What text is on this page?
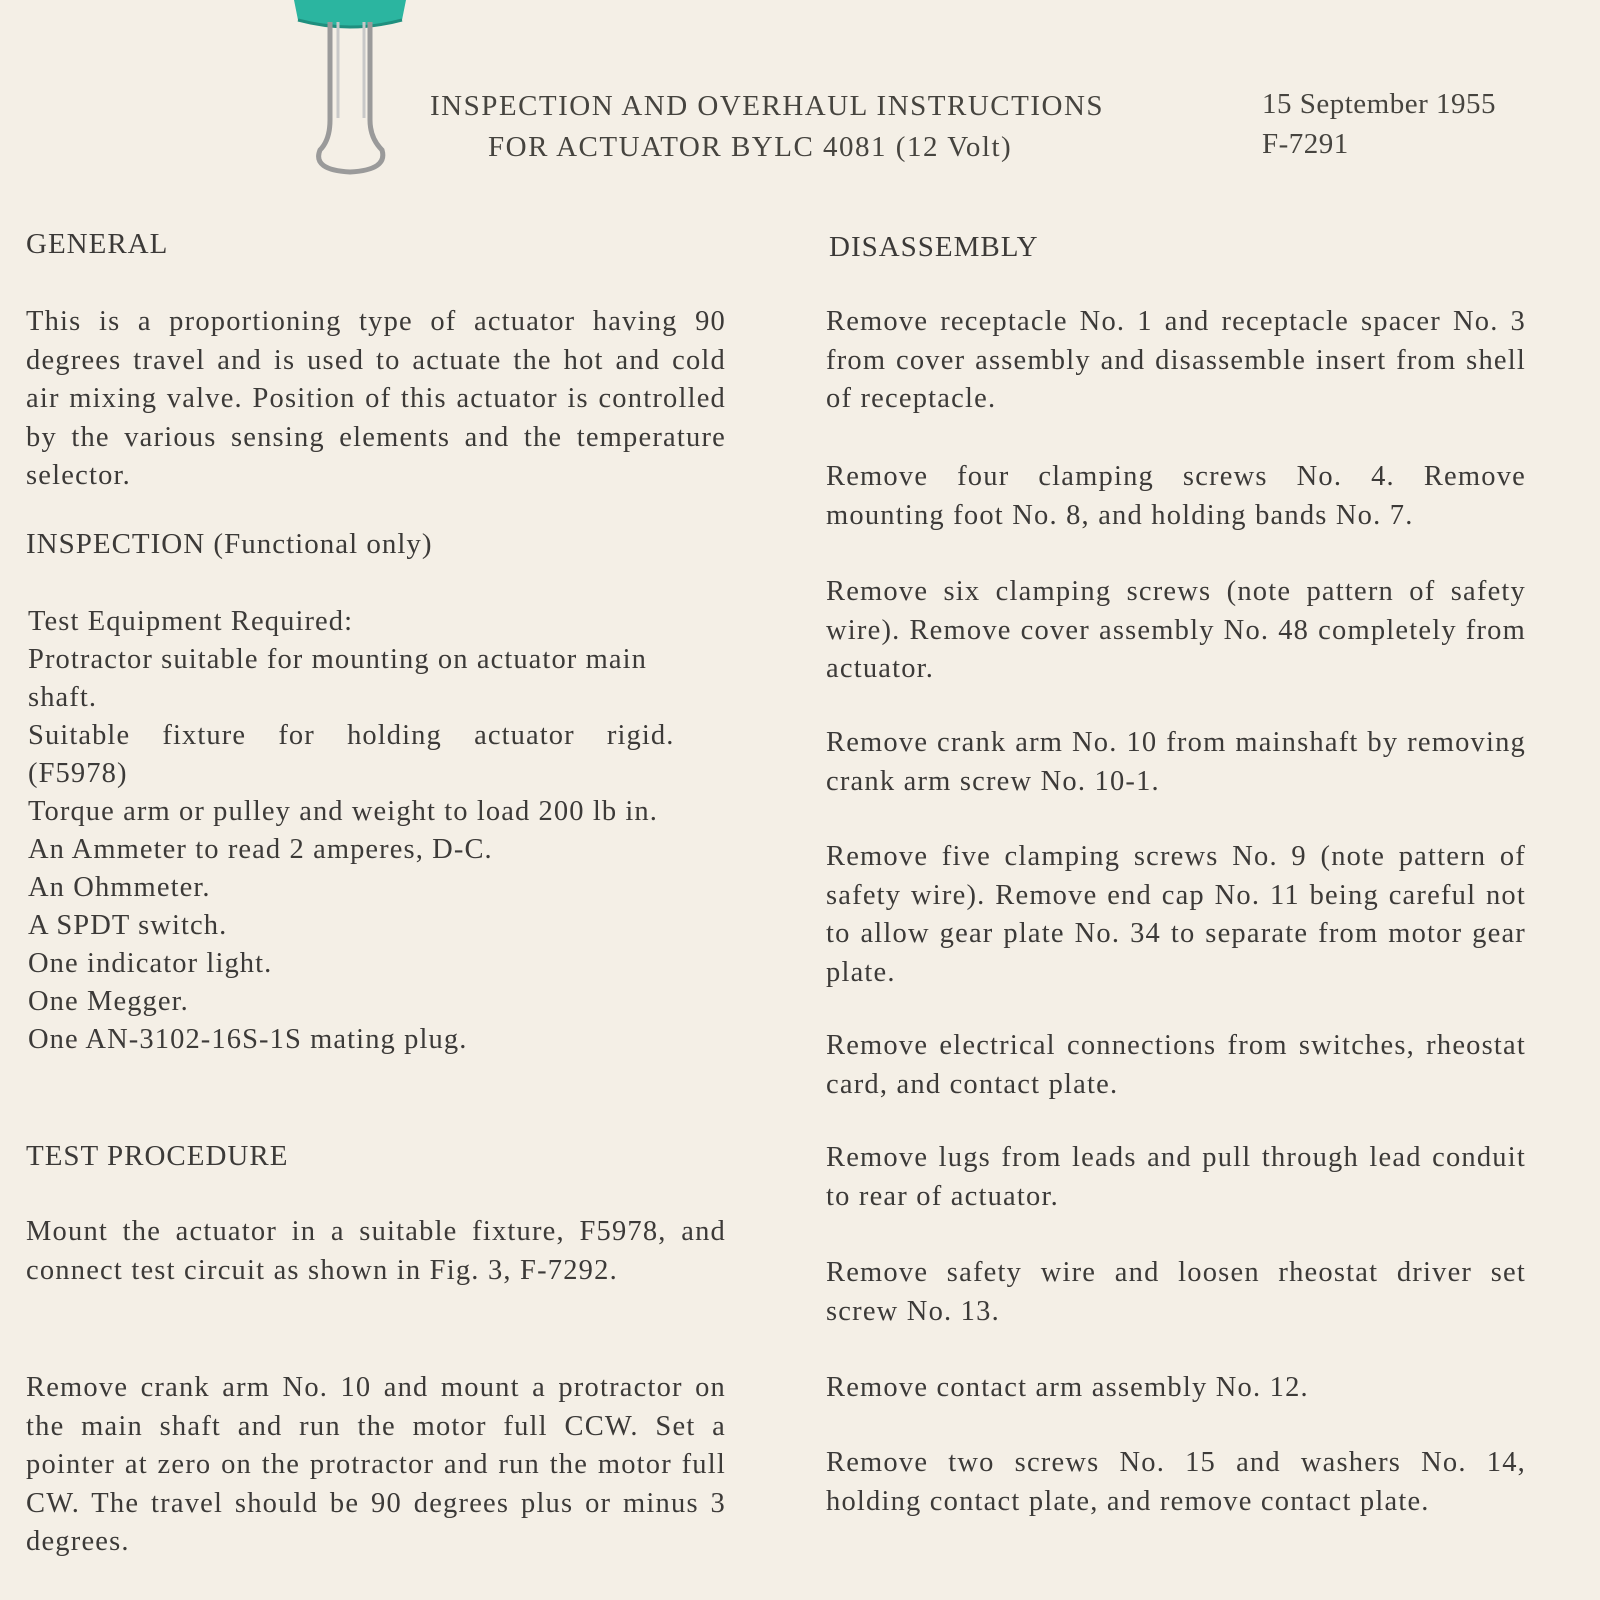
INSPECTION AND OVERHAUL INSTRUCTIONS
FOR ACTUATOR BYLC 4081 (12 Volt)
15 September 1955
F-7291
GENERAL

This is a proportioning type of actuator having 90 degrees travel and is used to actuate the hot and cold air mixing valve. Position of this actuator is controlled by the various sensing elements and the temperature selector.

INSPECTION (Functional only)
Test Equipment Required:
Protractor suitable for mounting on actuator main
shaft.
Suitable fixture for holding actuator rigid.
(F5978)
Torque arm or pulley and weight to load 200 lb in.
An Ammeter to read 2 amperes, D-C.
An Ohmmeter.
A SPDT switch.
One indicator light.
One Megger.
One AN-3102-16S-1S mating plug.
TEST PROCEDURE

Mount the actuator in a suitable fixture, F5978, and connect test circuit as shown in Fig. 3, F-7292.

Remove crank arm No. 10 and mount a protractor on the main shaft and run the motor full CCW. Set a pointer at zero on the protractor and run the motor full CW. The travel should be 90 degrees plus or minus 3 degrees.

DISASSEMBLY

Remove receptacle No. 1 and receptacle spacer No. 3 from cover assembly and disassemble insert from shell of receptacle.

Remove four clamping screws No. 4. Remove mounting foot No. 8, and holding bands No. 7.

Remove six clamping screws (note pattern of safety wire). Remove cover assembly No. 48 completely from actuator.

Remove crank arm No. 10 from mainshaft by removing crank arm screw No. 10-1.

Remove five clamping screws No. 9 (note pattern of safety wire). Remove end cap No. 11 being careful not to allow gear plate No. 34 to separate from motor gear plate.

Remove electrical connections from switches, rheostat card, and contact plate.

Remove lugs from leads and pull through lead conduit to rear of actuator.

Remove safety wire and loosen rheostat driver set screw No. 13.

Remove contact arm assembly No. 12.

Remove two screws No. 15 and washers No. 14, holding contact plate, and remove contact plate.
